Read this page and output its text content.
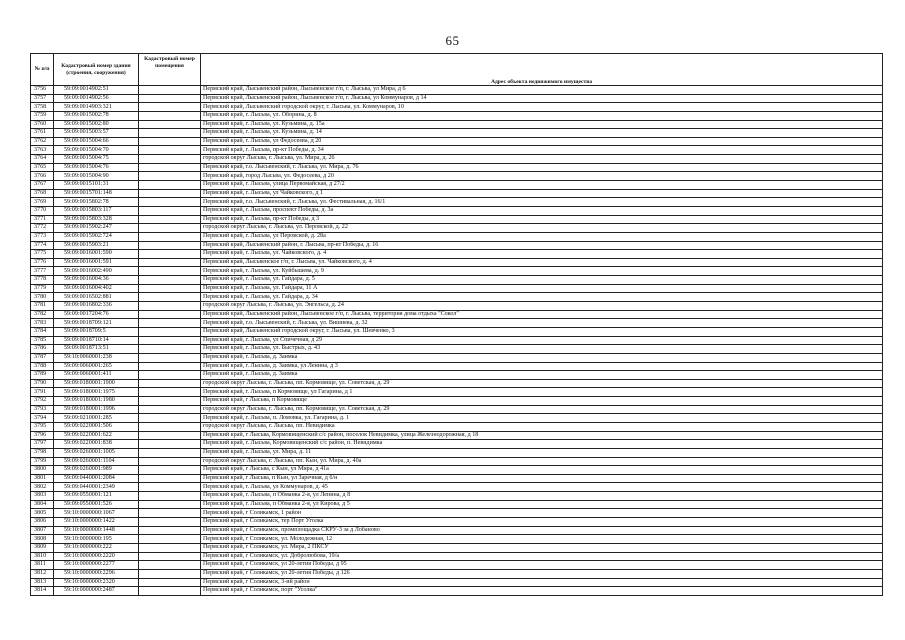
65
№ п/п	Кадастровый номер здания (строения, сооружения)	Кадастровый номер помещения	
			Адрес объекта недвижимого имущества
3756	59:09:0014902:51		Пермский край, Лысьвенский район, Лысьвенское г/п, г. Лысьва, ул Мира, д 6
3757	59:09:0014902:56		Пермский край, Лысьвенский район, Лысьвенское г/п, г. Лысьва, ул Коммунаров, д 14
3758	59:09:0014903:321		Пермский край, Лысьвенский городской округ, г. Лысьва, ул. Коммунаров, 10
3759	59:09:0015002:78		Пермский край, г. Лысьва, ул. Оборина, д. 8
3760	59:09:0015002:80		Пермский край, г. Лысьва, ул. Кузьмина, д. 15а
3761	59:09:0015003:57		Пермский край, г. Лысьва, ул. Кузьмина, д. 14
3762	59:09:0015004:66		Пермский край, г. Лысьва, ул Федосеева, д 20
3763	59:09:0015004:70		Пермский край, г. Лысьва, пр-кт Победы, д. 34
3764	59:09:0015004:75		городской округ Лысьва, г. Лысьва, ул. Мира, д. 26
3765	59:09:0015004:76		Пермский край, г.о. Лысьвенский, г. Лысьва, ул. Мира, д. 76
3766	59:09:0015004:90		Пермский край, город Лысьва, ул. Федосеева, д 20
3767	59:09:0015101:31		Пермский край, г. Лысьва, улица Первомайская, д 27/2
3768	59:09:0015701:148		Пермский край, г. Лысьва, ул Чайковского, д 1
3769	59:09:0015802:78		Пермский край, г.о. Лысьвенский, г. Лысьва, ул. Фестивальная, д. 16/1
3770	59:09:0015803:117		Пермский край, г. Лысьва, проспект Победы, д. 3а
3771	59:09:0015803:328		Пермский край, г. Лысьва, пр-кт Победы, д 3
3772	59:09:0015902:247		городской округ Лысьва, г. Лысьва, ул. Перовской, д. 22
3773	59:09:0015902:724		Пермский край, г. Лысьва, ул Перовской, д. 28а
3774	59:09:0015903:21		Пермский край, Лысьвенский район, г. Лысьва, пр-кт Победы, д. 16
3775	59:09:0016001:590		Пермский край, г. Лысьва, ул. Чайковского, д. 4
3776	59:09:0016001:591		Пермский край, Лысьвенское г/п, г. Лысьва, ул. Чайковского, д. 4
3777	59:09:0016002:490		Пермский край, г. Лысьва, ул. Куйбышева, д. 9
3778	59:09:0016004:36		Пермский край, г. Лысьва, ул. Гайдара, д. 5
3779	59:09:0016004:402		Пермский край, г. Лысьва, ул. Гайдара, 11 А
3780	59:09:0016502:881		Пермский край, г. Лысьва, ул. Гайдара, д. 34
3781	59:09:0016802:336		городской округ Лысьва, г. Лысьва, ул. Энгельса, д. 24
3782	59:09:0017204:76		Пермский край, Лысьвенский район, Лысьвенское г/п, г. Лысьва, территория дома отдыха "Сокол"
3783	59:09:0018709:121		Пермский край, г.о. Лысьвенский, г. Лысьва, ул. Вишнева, д. 32
3784	59:09:0018709:5		Пермский край, Лысьвенский городской округ, г. Лысьва, ул. Шевченко, 3
3785	59:09:0018710:14		Пермский край, г. Лысьва, ул Спичечная, д 29
3786	59:09:0018713:51		Пермский край, г. Лысьва, ул. Быстрых, д. 43
3787	59:10:0060001:238		Пермский край, г. Лысьва, д. Заимка
3788	59:09:0060001:265		Пермский край, г. Лысьва, д. Заимка, ул Ленина, д 3
3789	59:09:0060001:411		Пермский край, г. Лысьва, д. Заимка
3790	59:09:0180001:1900		городской округ Лысьва, г. Лысьва, пп. Кормовище, ул. Советская, д. 29
3791	59:09:0180001:1975		Пермский край, г. Лысьва, п Кормовище, ул Гагарина, д 1
3792	59:09:0180001:1980		Пермский край, г Лысьва, п Кормовище
3793	59:09:0180001:1996		городской округ Лысьва, г. Лысьва, пп. Кормовище, ул. Советская, д. 29
3794	59:09:0210001:285		Пермский край, г. Лысьва, п. Ломовка, ул. Гагарина, д. 1
3795	59:09:0220001:506		городской округ Лысьва, г. Лысьва, пп. Невидимка
3796	59:09:0220001:622		Пермский край, г Лысьва, Кормовищенский с/с район, поселок Невидимка, улица Железнодорожная, д 18
3797	59:09:0220001:838		Пермский край, г. Лысьва, Кормовищенский с/с район, п. Невидимка
3798	59:09:0260001:1005		Пермский край, г. Лысьва, ул. Мира, д. 11
3799	59:09:0260001:1104		городской округ Лысьва, г. Лысьва, пп. Кын, ул. Мира, д. 40а
3800	59:09:0260001:989		Пермский край, г Лысьва, с Кын, ул Мира, д 41а
3801	59:09:0440001:2084		Пермский край, г Лысьва, п Кын, ул Заречная, д 6/н
3802	59:09:0440001:2349		Пермский край, г. Лысьва, ул Коммунаров, д. 45
3803	59:09:0550001:121		Пермский край, г. Лысьва, п Обманка 2-я, ул Ленина, д 8
3804	59:09:0550001:526		Пермский край, г. Лысьва, п Обманка 2-я, ул Кирова, д 5
3805	59:10:0000000:1067		Пермский край, г Соликамск, 1 район
3806	59:10:0000000:1422		Пермский край, г Соликамск, тер Порт Уголка
3807	59:10:0000000:1448		Пермский край, г Соликамск, промплощадка СКРУ-3 за д Лобаново
3808	59:10:0000000:195		Пермский край, г Соликамск, ул. Молодежная, 12
3809	59:10:0000000:222		Пермский край, г Соликамск, ул. Мира, 2 ПКСУ
3810	59:10:0000000:2220		Пермский край, г Соликамск, ул. Добролюбова, 19/а
3811	59:10:0000000:2277		Пермский край, г Соликамск, ул 20-летия Победы, д 95
3812	59:10:0000000:2296		Пермский край, г Соликамск, ул 20-летия Победы, д 126
3813	59:10:0000000:2320		Пермский край, г Соликамск, 3-ий район
3814	59:10:0000000:2487		Пермский край, г Соликамск, порт "Усолка"
